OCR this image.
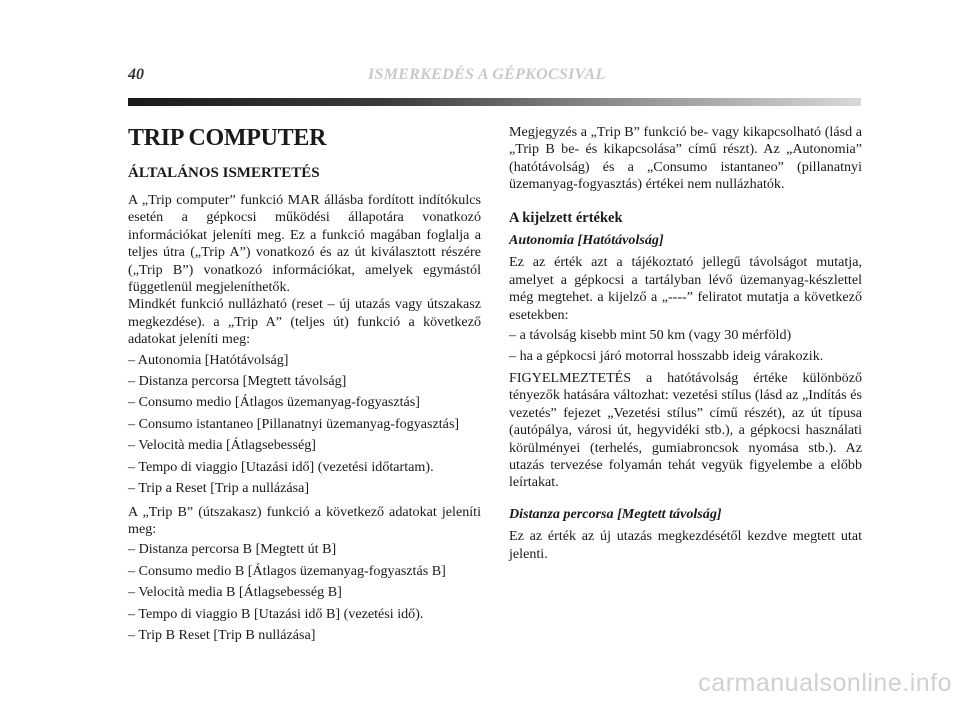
40	ISMERKEDÉS A GÉPKOCSIVAL
TRIP COMPUTER
ÁLTALÁNOS ISMERTETÉS

A „Trip computer” funkció MAR állásba fordított indítókulcs esetén a gépkocsi működési állapotára vonatkozó információkat jeleníti meg. Ez a funkció magában foglalja a teljes útra („Trip A”) vonatkozó és az út kiválasztott részére („Trip B”) vonatkozó információkat, amelyek egymástól függetlenül megjeleníthetők.

Mindkét funkció nullázható (reset – új utazás vagy útszakasz megkezdése). a „Trip A” (teljes út) funkció a következő adatokat jeleníti meg:

– Autonomia [Hatótávolság]
– Distanza percorsa [Megtett távolság]
– Consumo medio [Átlagos üzemanyag-fogyasztás]
– Consumo istantaneo [Pillanatnyi üzemanyag-fogyasztás]
– Velocità media [Átlagsebesség]
– Tempo di viaggio [Utazási idő] (vezetési időtartam).
– Trip a Reset [Trip a nullázása]

A „Trip B” (útszakasz) funkció a következő adatokat jeleníti meg:

– Distanza percorsa B [Megtett út B]
– Consumo medio B [Átlagos üzemanyag-fogyasztás B]
– Velocità media B [Átlagsebesség B]
– Tempo di viaggio B [Utazási idő B] (vezetési idő).
– Trip B Reset [Trip B nullázása]

Megjegyzés a „Trip B” funkció be- vagy kikapcsolható (lásd a „Trip B be- és kikapcsolása” című részt). Az „Autonomia” (hatótávolság) és a „Consumo istantaneo” (pillanatnyi üzemanyag-fogyasztás) értékei nem nullázhatók.

A kijelzett értékek
Autonomia [Hatótávolság]

Ez az érték azt a tájékoztató jellegű távolságot mutatja, amelyet a gépkocsi a tartályban lévő üzemanyag-készlettel még megtehet. a kijelző a „----” feliratot mutatja a következő esetekben:

– a távolság kisebb mint 50 km (vagy 30 mérföld)
– ha a gépkocsi járó motorral hosszabb ideig várakozik.

FIGYELMEZTETÉS a hatótávolság értéke különböző tényezők hatására változhat: vezetési stílus (lásd az „Indítás és vezetés” fejezet „Vezetési stílus” című részét), az út típusa (autópálya, városi út, hegyvidéki stb.), a gépkocsi használati körülményei (terhelés, gumiabroncsok nyomása stb.). Az utazás tervezése folyamán tehát vegyük figyelembe a előbb leírtakat.

Distanza percorsa [Megtett távolság]

Ez az érték az új utazás megkezdésétől kezdve megtett utat jelenti.

carmanualsonline.info
